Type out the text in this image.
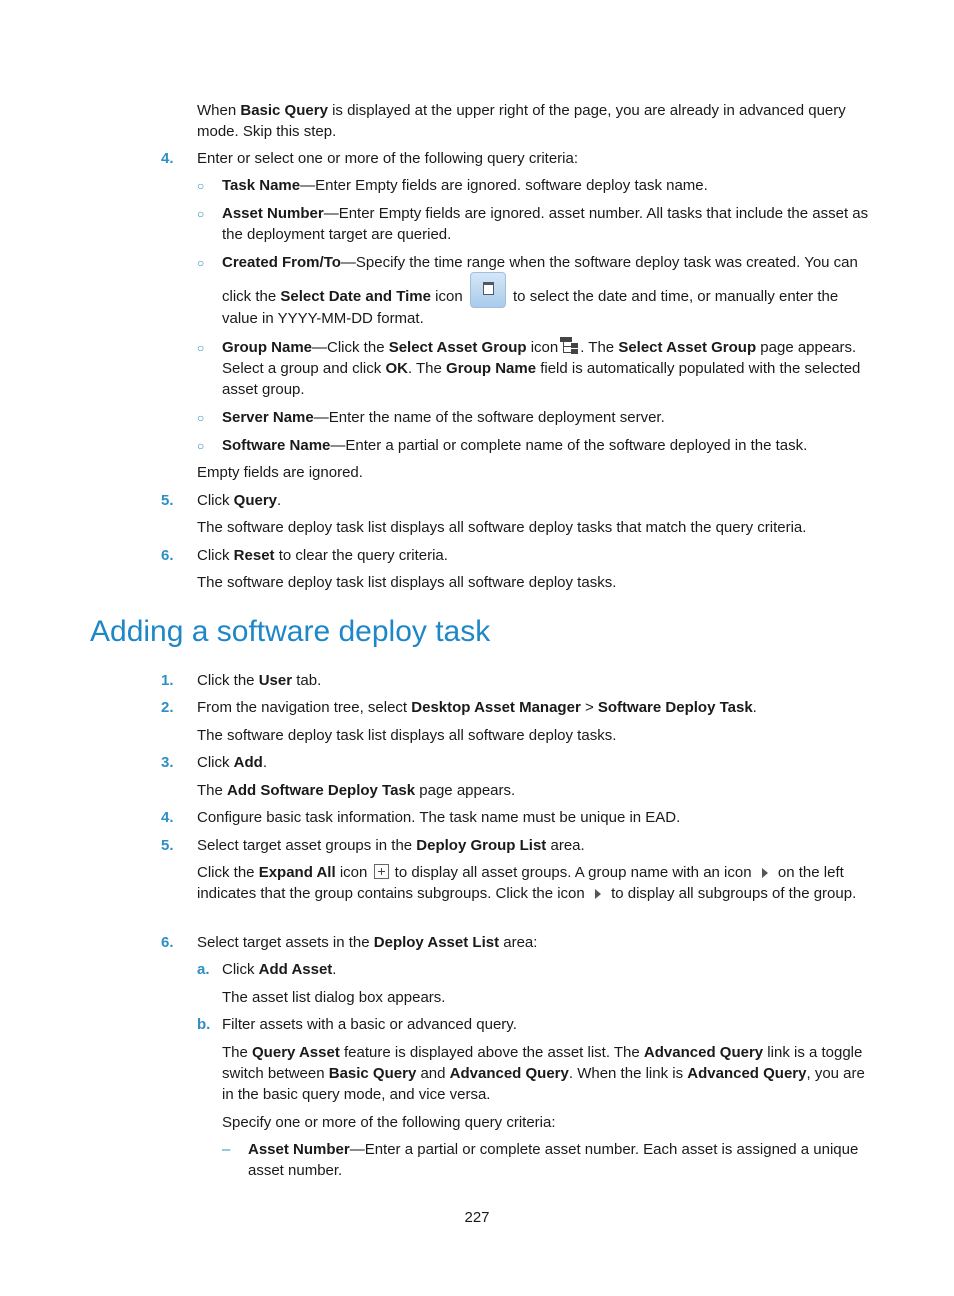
When Basic Query is displayed at the upper right of the page, you are already in advanced query mode. Skip this step.

4. Enter or select one or more of the following query criteria:

○ Task Name—Enter Empty fields are ignored. software deploy task name.

○ Asset Number—Enter Empty fields are ignored. asset number. All tasks that include the asset as the deployment target are queried.

○ Created From/To—Specify the time range when the software deploy task was created. You can

click the Select Date and Time icon	to select the date and time, or manually enter the value in YYYY-MM-DD format.

○ Group Name—Click the Select Asset Group icon . The Select Asset Group page appears. Select a group and click OK. The Group Name field is automatically populated with the selected asset group.

○ Server Name—Enter the name of the software deployment server.

○ Software Name—Enter a partial or complete name of the software deployed in the task.

Empty fields are ignored.

5. Click Query.

The software deploy task list displays all software deploy tasks that match the query criteria.

6. Click Reset to clear the query criteria.

The software deploy task list displays all software deploy tasks.

Adding a software deploy task
1. Click the User tab.

2. From the navigation tree, select Desktop Asset Manager > Software Deploy Task.

The software deploy task list displays all software deploy tasks.

3. Click Add.

The Add Software Deploy Task page appears.

4. Configure basic task information. The task name must be unique in EAD.

5. Select target asset groups in the Deploy Group List area.

Click the Expand All icon  to display all asset groups. A group name with an icon  on the left indicates that the group contains subgroups. Click the icon  to display all subgroups of the group.

6. Select target assets in the Deploy Asset List area:

a. Click Add Asset.

The asset list dialog box appears.

b. Filter assets with a basic or advanced query.

The Query Asset feature is displayed above the asset list. The Advanced Query link is a toggle switch between Basic Query and Advanced Query. When the link is Advanced Query, you are in the basic query mode, and vice versa.

Specify one or more of the following query criteria:

– Asset Number—Enter a partial or complete asset number. Each asset is assigned a unique asset number.

227
